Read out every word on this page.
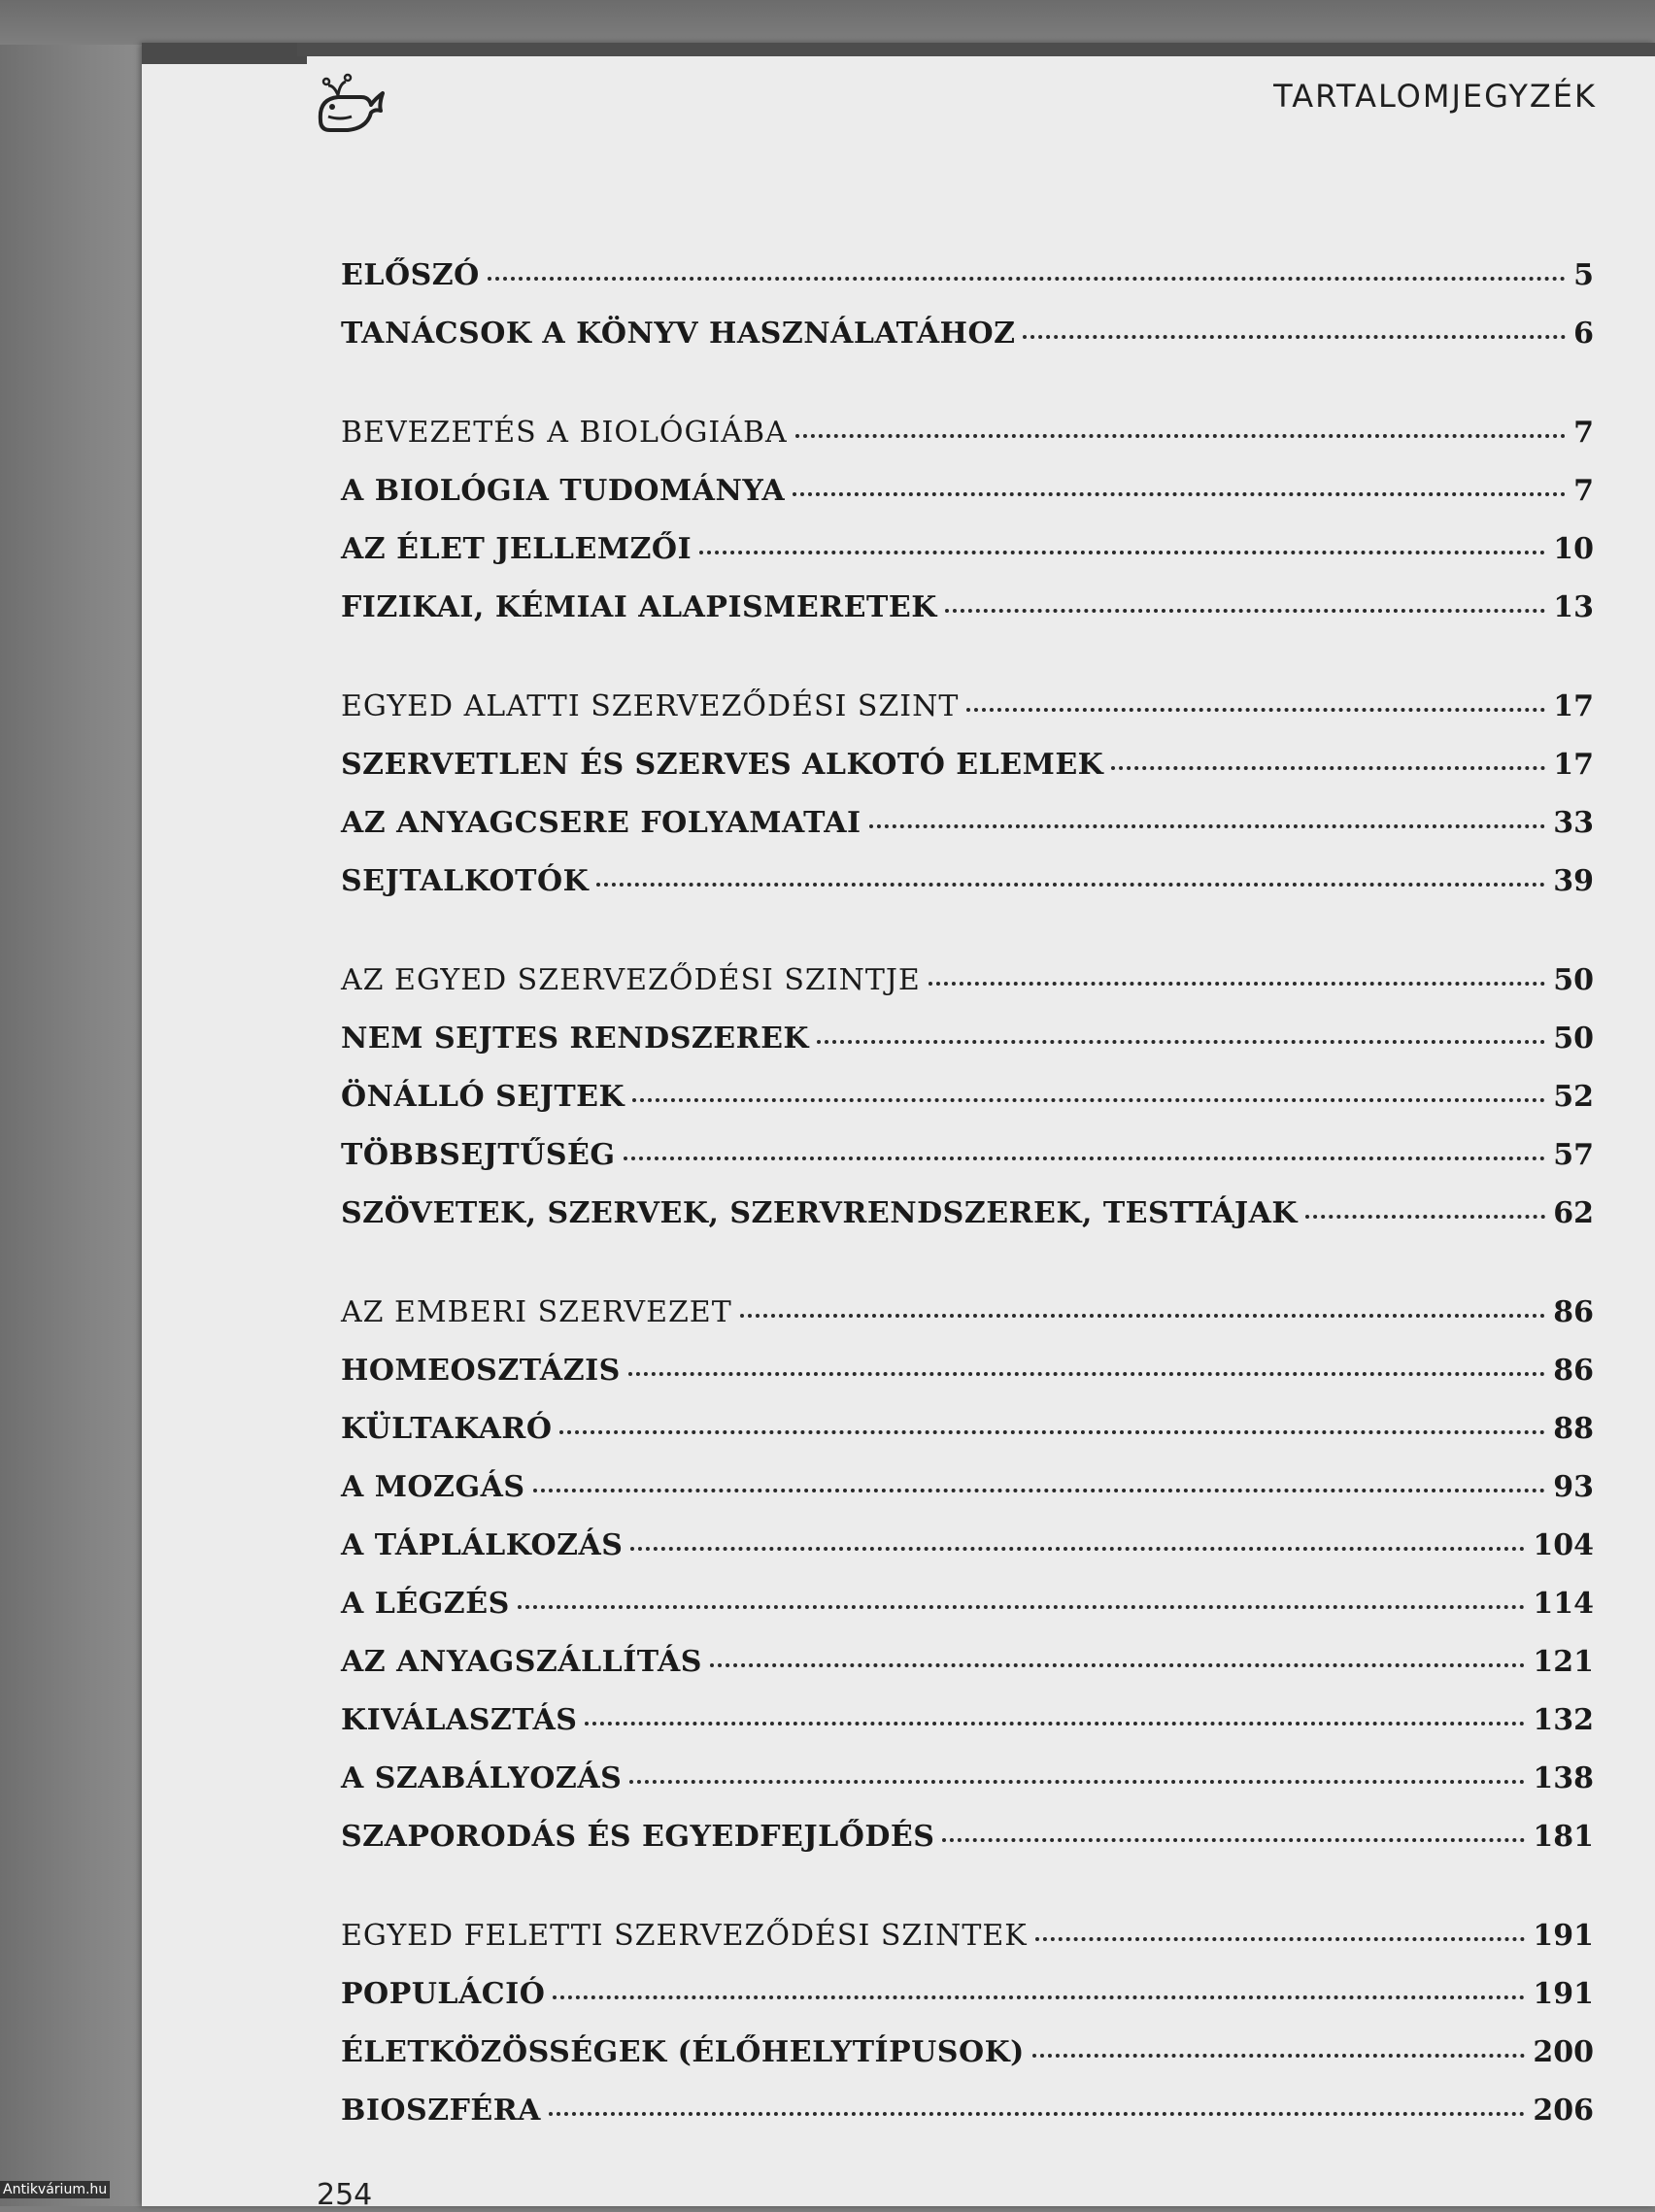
TARTALOMJEGYZÉK
ELŐSZÓ	5
TANÁCSOK A KÖNYV HASZNÁLATÁHOZ	6
BEVEZETÉS A BIOLÓGIÁBA	7
A BIOLÓGIA TUDOMÁNYA	7
AZ ÉLET JELLEMZŐI	10
FIZIKAI, KÉMIAI ALAPISMERETEK	13
EGYED ALATTI SZERVEZŐDÉSI SZINT	17
SZERVETLEN ÉS SZERVES ALKOTÓ ELEMEK	17
AZ ANYAGCSERE FOLYAMATAI	33
SEJTALKOTÓK	39
AZ EGYED SZERVEZŐDÉSI SZINTJE	50
NEM SEJTES RENDSZEREK	50
ÖNÁLLÓ SEJTEK	52
TÖBBSEJTŰSÉG	57
SZÖVETEK, SZERVEK, SZERVRENDSZEREK, TESTTÁJAK	62
AZ EMBERI SZERVEZET	86
HOMEOSZTÁZIS	86
KÜLTAKARÓ	88
A MOZGÁS	93
A TÁPLÁLKOZÁS	104
A LÉGZÉS	114
AZ ANYAGSZÁLLÍTÁS	121
KIVÁLASZTÁS	132
A SZABÁLYOZÁS	138
SZAPORODÁS ÉS EGYEDFEJLŐDÉS	181
EGYED FELETTI SZERVEZŐDÉSI SZINTEK	191
POPULÁCIÓ	191
ÉLETKÖZÖSSÉGEK (ÉLŐHELYTÍPUSOK)	200
BIOSZFÉRA	206
254
Antikvárium.hu
